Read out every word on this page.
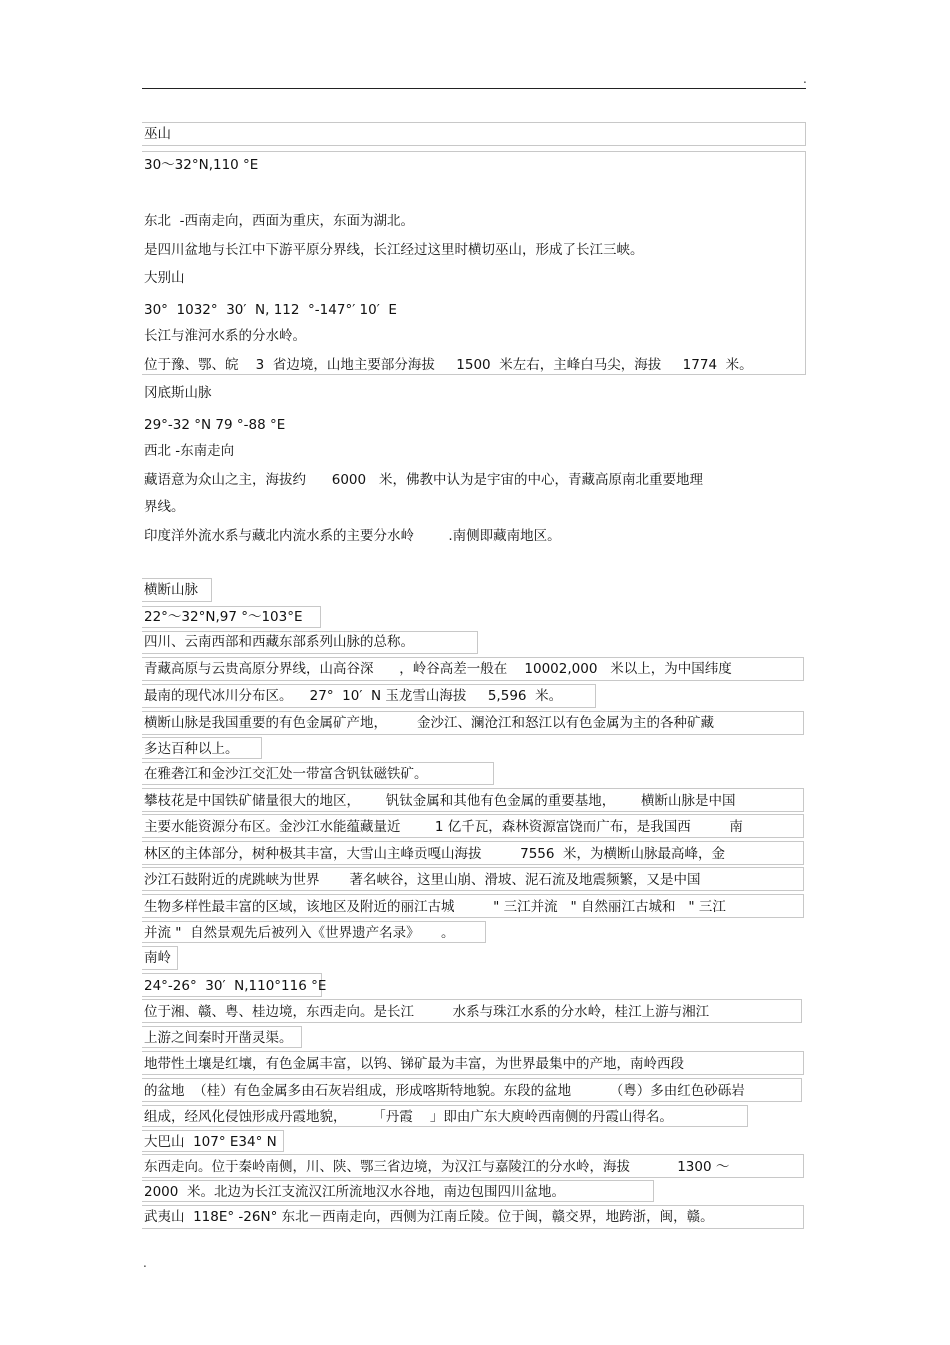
.
巫山
30～32°N,110 °E
东北  -西南走向，西面为重庆，东面为湖北。
是四川盆地与长江中下游平原分界线，长江经过这里时横切巫山，形成了长江三峡。
大别山
30°  1032°  30′  N, 112  °-147°′ 10′  E
长江与淮河水系的分水岭。
位于豫、鄂、皖    3  省边境，山地主要部分海拔     1500  米左右，主峰白马尖，海拔     1774  米。
冈底斯山脉
29°-32 °N 79 °-88 °E
西北 -东南走向
藏语意为众山之主，海拔约      6000   米，佛教中认为是宇宙的中心，青藏高原南北重要地理
界线。
印度洋外流水系与藏北内流水系的主要分水岭        .南侧即藏南地区。
横断山脉
22°～32°N,97 °～103°E
四川、云南西部和西藏东部系列山脉的总称。
青藏高原与云贵高原分界线，山高谷深      ，岭谷高差一般在    10002,000   米以上，为中国纬度
最南的现代冰川分布区。    27°  10′  N 玉龙雪山海拔     5,596  米。
横断山脉是我国重要的有色金属矿产地，       金沙江、澜沧江和怒江以有色金属为主的各种矿藏
多达百种以上。
在雅砻江和金沙江交汇处一带富含钒钛磁铁矿。
攀枝花是中国铁矿储量很大的地区，      钒钛金属和其他有色金属的重要基地，      横断山脉是中国
主要水能资源分布区。金沙江水能蕴藏量近        1 亿千瓦，森林资源富饶而广布，是我国西         南
林区的主体部分，树种极其丰富，大雪山主峰贡嘎山海拔         7556  米，为横断山脉最高峰，金
沙江石鼓附近的虎跳峡为世界       著名峡谷，这里山崩、滑坡、泥石流及地震频繁，又是中国
生物多样性最丰富的区域，该地区及附近的丽江古城         " 三江并流   " 自然丽江古城和   " 三江
并流 "  自然景观先后被列入《世界遗产名录》     。
南岭
24°-26°  30′  N,110°116 °E
位于湘、赣、粤、桂边境，东西走向。是长江         水系与珠江水系的分水岭，桂江上游与湘江
上游之间秦时开凿灵渠。
地带性土壤是红壤，有色金属丰富，以钨、锑矿最为丰富，为世界最集中的产地，南岭西段
的盆地  （桂）有色金属多由石灰岩组成，形成喀斯特地貌。东段的盆地         （粤）多由红色砂砾岩
组成，经风化侵蚀形成丹霞地貌，      「丹霞    」即由广东大庾岭西南侧的丹霞山得名。
大巴山  107° E34° N
东西走向。位于秦岭南侧，川、陕、鄂三省边境，为汉江与嘉陵江的分水岭，海拔           1300 ～
2000  米。北边为长江支流汉江所流地汉水谷地，南边包围四川盆地。
武夷山  118E° -26N° 东北－西南走向，西侧为江南丘陵。位于闽，赣交界，地跨浙，闽，赣。
.
